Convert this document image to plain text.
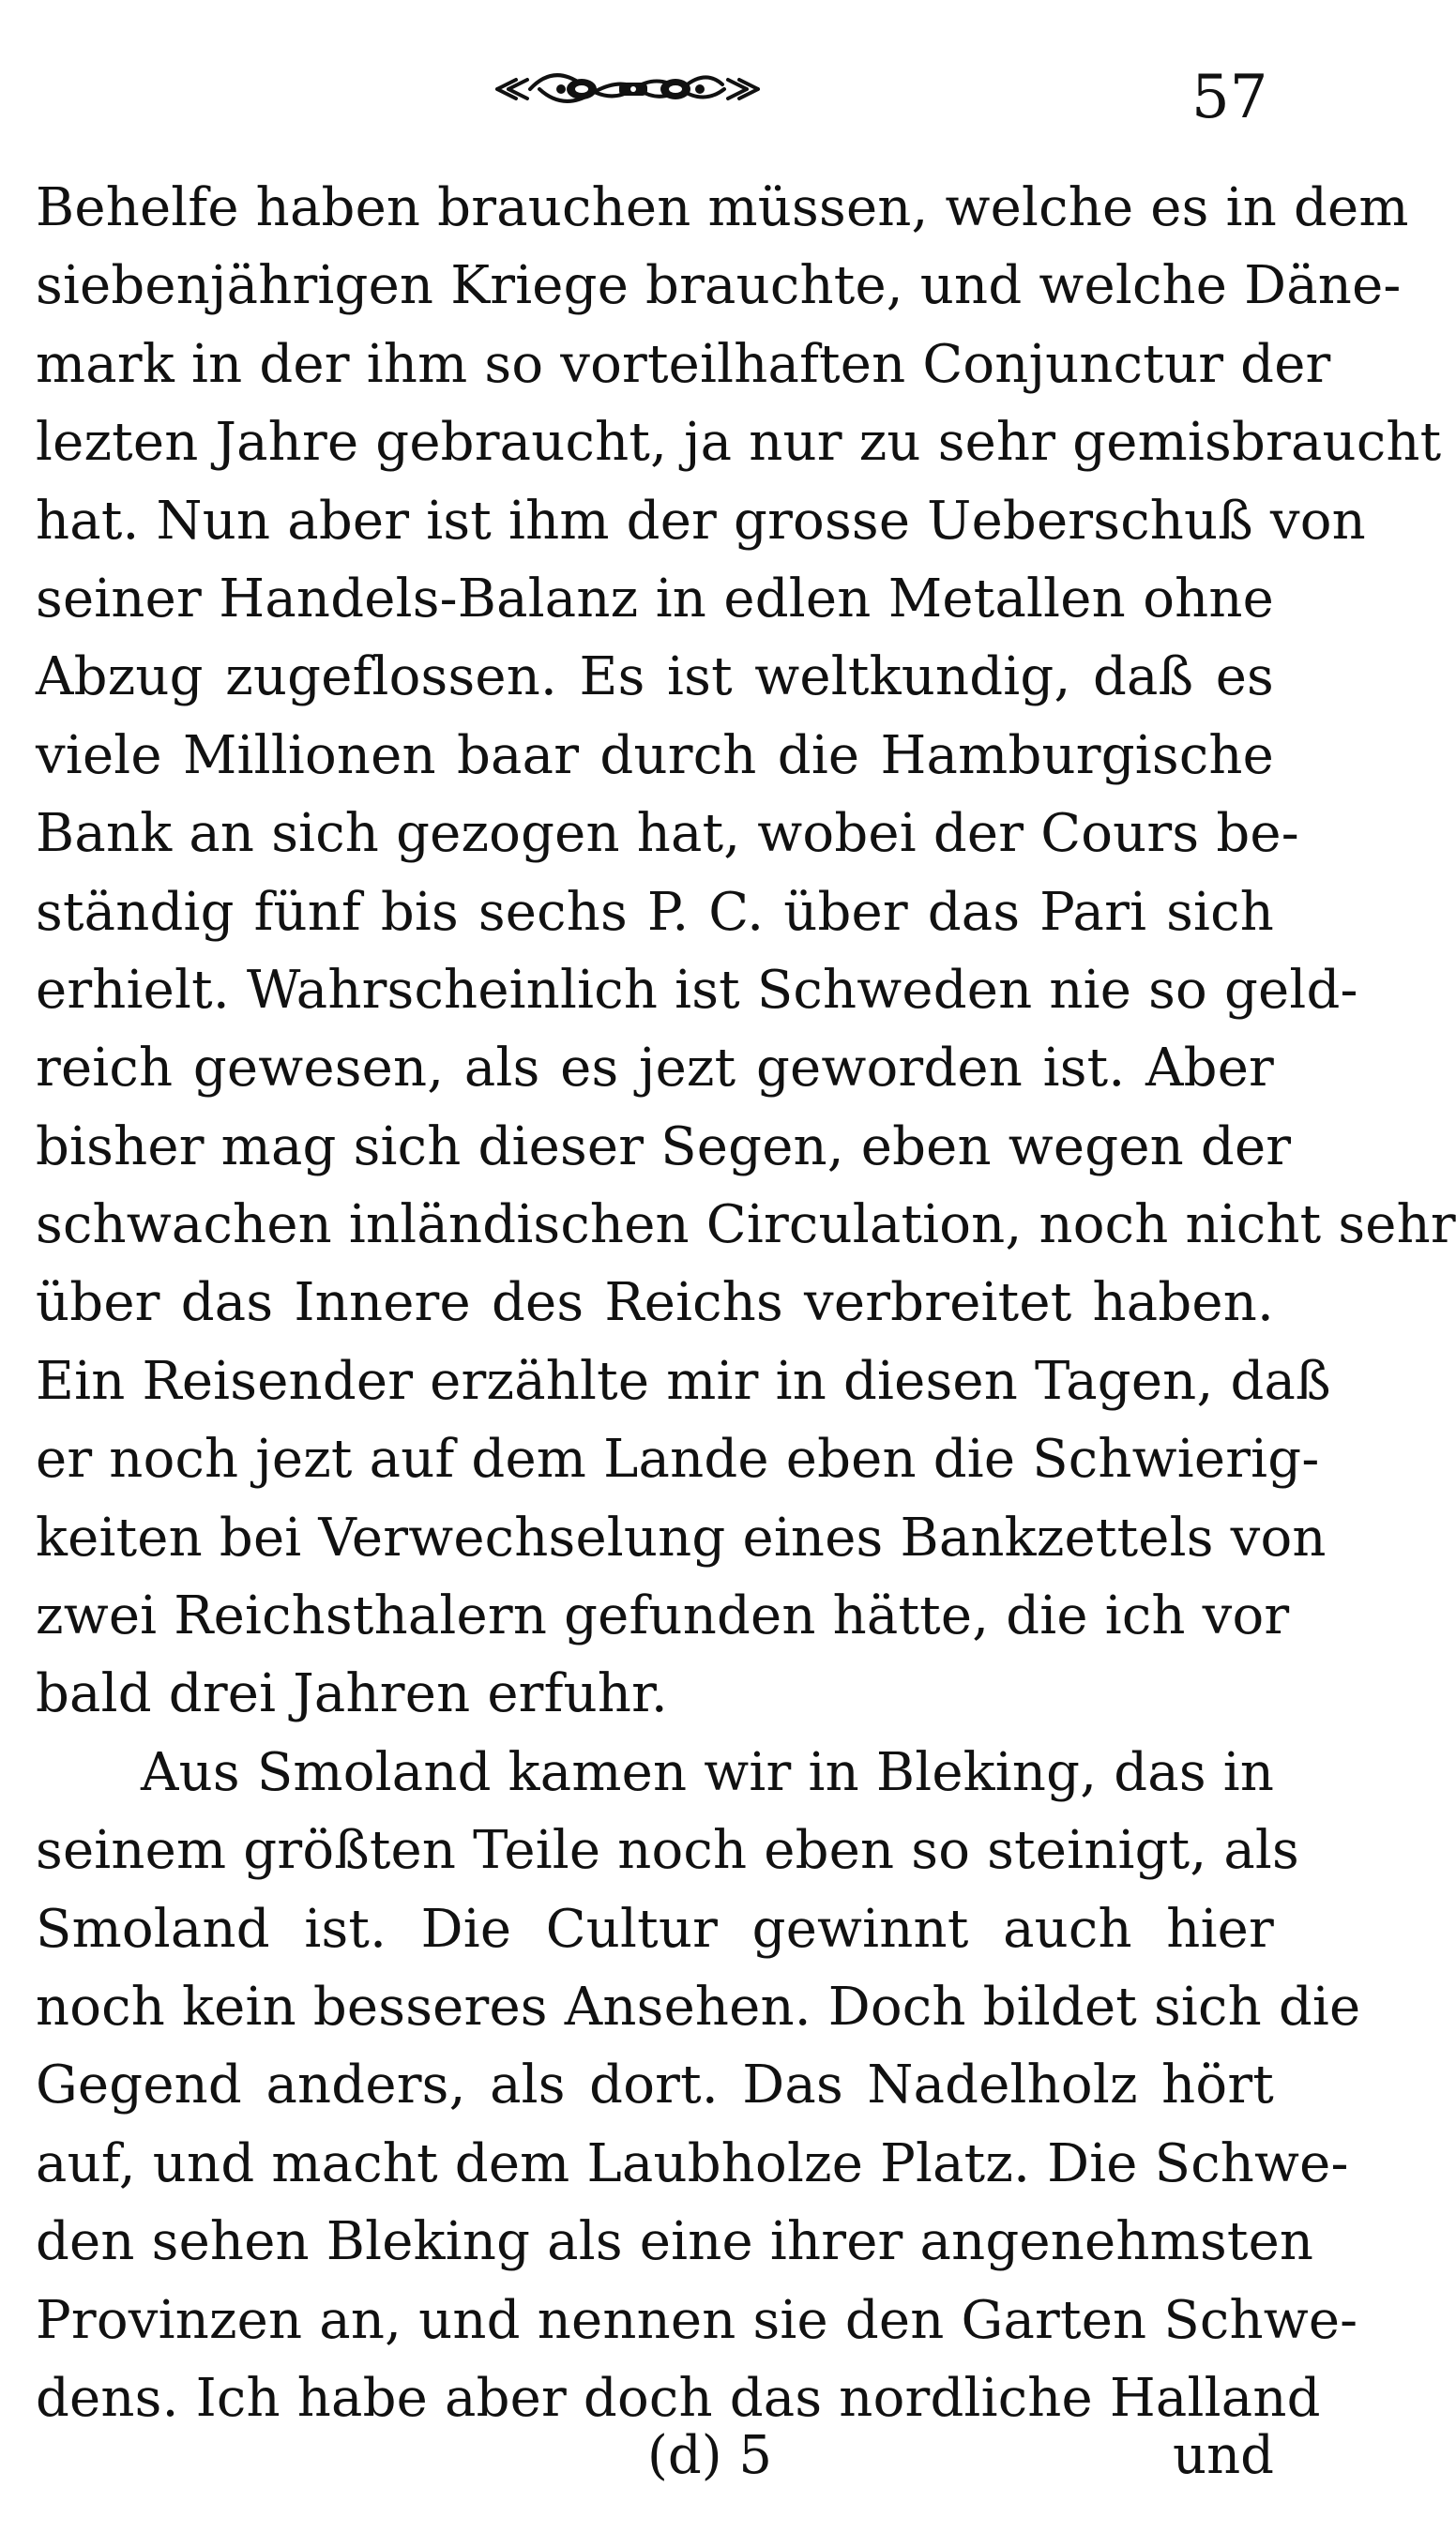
57
Behelfe haben brauchen müssen, welche es in dem
siebenjährigen Kriege brauchte, und welche Däne-
mark in der ihm so vorteilhaften Conjunctur der
lezten Jahre gebraucht, ja nur zu sehr gemisbraucht
hat. Nun aber ist ihm der grosse Ueberschuß von
seiner Handels-Balanz in edlen Metallen ohne
Abzug zugeflossen. Es ist weltkundig, daß es
viele Millionen baar durch die Hamburgische
Bank an sich gezogen hat, wobei der Cours be-
ständig fünf bis sechs P. C. über das Pari sich
erhielt. Wahrscheinlich ist Schweden nie so geld-
reich gewesen, als es jezt geworden ist. Aber
bisher mag sich dieser Segen, eben wegen der
schwachen inländischen Circulation, noch nicht sehr
über das Innere des Reichs verbreitet haben.
Ein Reisender erzählte mir in diesen Tagen, daß
er noch jezt auf dem Lande eben die Schwierig-
keiten bei Verwechselung eines Bankzettels von
zwei Reichsthalern gefunden hätte, die ich vor
bald drei Jahren erfuhr.
Aus Smoland kamen wir in Bleking, das in
seinem größten Teile noch eben so steinigt, als
Smoland ist. Die Cultur gewinnt auch hier
noch kein besseres Ansehen. Doch bildet sich die
Gegend anders, als dort. Das Nadelholz hört
auf, und macht dem Laubholze Platz. Die Schwe-
den sehen Bleking als eine ihrer angenehmsten
Provinzen an, und nennen sie den Garten Schwe-
dens. Ich habe aber doch das nordliche Halland
(d) 5	und
